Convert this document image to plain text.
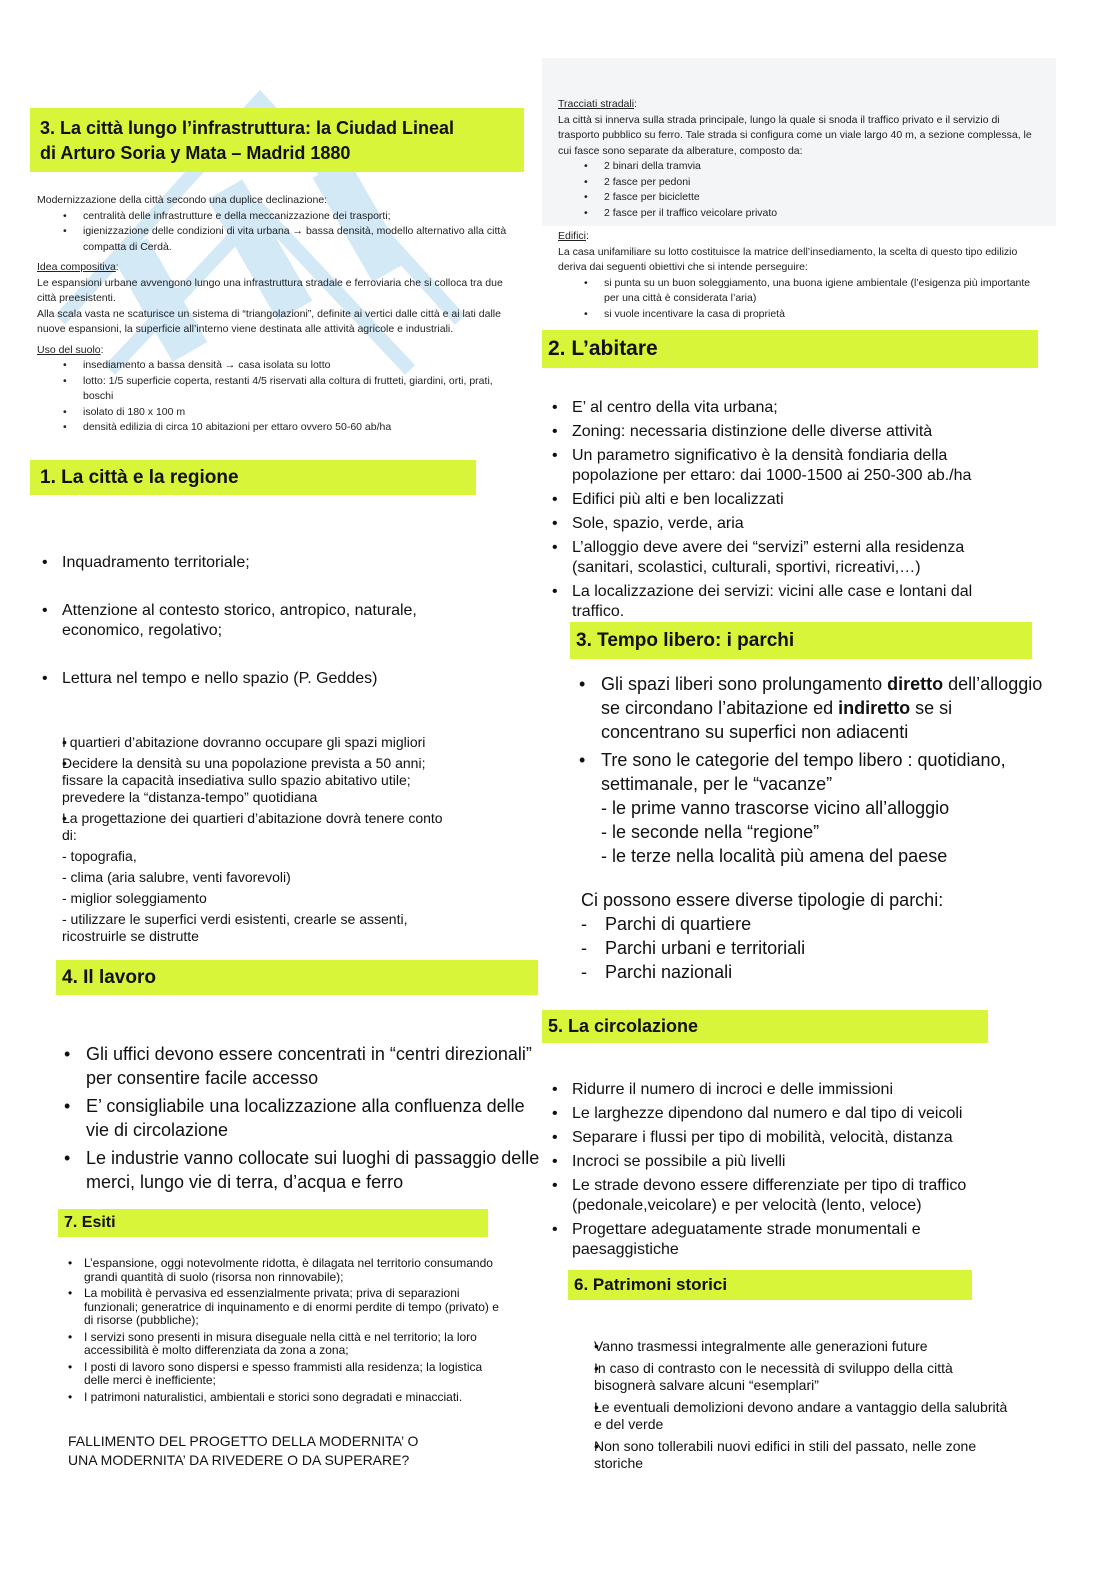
3. La città lungo l’infrastruttura: la Ciudad Lineal
di Arturo Soria y Mata – Madrid 1880
Modernizzazione della città secondo una duplice declinazione:
• centralità delle infrastrutture e della meccanizzazione dei trasporti;
• igienizzazione delle condizioni di vita urbana → bassa densità, modello alternativo alla città compatta di Cerdà.
Idea compositiva:
Le espansioni urbane avvengono lungo una infrastruttura stradale e ferroviaria che si colloca tra due città preesistenti.
Alla scala vasta ne scaturisce un sistema di “triangolazioni”, definite ai vertici dalle città e ai lati dalle nuove espansioni, la superficie all’interno viene destinata alle attività agricole e industriali.
Uso del suolo:
• insediamento a bassa densità → casa isolata su lotto
• lotto: 1/5 superficie coperta, restanti 4/5 riservati alla coltura di frutteti, giardini, orti, prati, boschi
• isolato di 180 x 100 m
• densità edilizia di circa 10 abitazioni per ettaro ovvero 50-60 ab/ha
1. La città e la regione
• Inquadramento territoriale;
• Attenzione al contesto storico, antropico, naturale, economico, regolativo;
• Lettura nel tempo e nello spazio (P. Geddes)
• I quartieri d’abitazione dovranno occupare gli spazi migliori
• Decidere la densità su una popolazione prevista a 50 anni; fissare la capacità insediativa sullo spazio abitativo utile; prevedere la “distanza-tempo” quotidiana
• La progettazione dei quartieri d’abitazione dovrà tenere conto di:
- topografia,
- clima (aria salubre, venti favorevoli)
- miglior soleggiamento
- utilizzare le superfici verdi esistenti, crearle se assenti, ricostruirle se distrutte
4. Il lavoro
• Gli uffici devono essere concentrati in “centri direzionali” per consentire facile accesso
• E’ consigliabile una localizzazione alla confluenza delle vie di circolazione
• Le industrie vanno collocate sui luoghi di passaggio delle merci, lungo vie di terra, d’acqua e ferro
7. Esiti
• L’espansione, oggi notevolmente ridotta, è dilagata nel territorio consumando grandi quantità di suolo (risorsa non rinnovabile);
• La mobilità è pervasiva ed essenzialmente privata; priva di separazioni funzionali; generatrice di inquinamento e di enormi perdite di tempo (privato) e di risorse (pubbliche);
• I servizi sono presenti in misura diseguale nella città e nel territorio; la loro accessibilità è molto differenziata da zona a zona;
• I posti di lavoro sono dispersi e spesso frammisti alla residenza; la logistica delle merci è inefficiente;
• I patrimoni naturalistici, ambientali e storici sono degradati e minacciati.
FALLIMENTO DEL PROGETTO DELLA MODERNITA’ O
UNA MODERNITA’ DA RIVEDERE O DA SUPERARE?
Tracciati stradali:
La città si innerva sulla strada principale, lungo la quale si snoda il traffico privato e il servizio di trasporto pubblico su ferro. Tale strada si configura come un viale largo 40 m, a sezione complessa, le cui fasce sono separate da alberature, composto da:
• 2 binari della tramvia
• 2 fasce per pedoni
• 2 fasce per biciclette
• 2 fasce per il traffico veicolare privato
Edifici:
La casa unifamiliare su lotto costituisce la matrice dell’insediamento, la scelta di questo tipo edilizio deriva dai seguenti obiettivi che si intende perseguire:
• si punta su un buon soleggiamento, una buona igiene ambientale (l’esigenza più importante per una città è considerata l’aria)
• si vuole incentivare la casa di proprietà
2. L’abitare
• E’ al centro della vita urbana;
• Zoning: necessaria distinzione delle diverse attività
• Un parametro significativo è la densità fondiaria della popolazione per ettaro: dai 1000-1500 ai 250-300 ab./ha
• Edifici più alti e ben localizzati
• Sole, spazio, verde, aria
• L’alloggio deve avere dei “servizi” esterni alla residenza (sanitari, scolastici, culturali, sportivi, ricreativi,…)
• La localizzazione dei servizi: vicini alle case e lontani dal traffico.
3. Tempo libero: i parchi
• Gli spazi liberi sono prolungamento diretto dell’alloggio se circondano l’abitazione ed indiretto se si concentrano su superfici non adiacenti
• Tre sono le categorie del tempo libero : quotidiano, settimanale, per le “vacanze”
- le prime vanno trascorse vicino all’alloggio
- le seconde nella “regione”
- le terze nella località più amena del paese
Ci possono essere diverse tipologie di parchi:
- Parchi di quartiere
- Parchi urbani e territoriali
- Parchi nazionali
5. La circolazione
• Ridurre il numero di incroci e delle immissioni
• Le larghezze dipendono dal numero e dal tipo di veicoli
• Separare i flussi per tipo di mobilità, velocità, distanza
• Incroci se possibile a più livelli
• Le strade devono essere differenziate per tipo di traffico (pedonale,veicolare) e per velocità (lento, veloce)
• Progettare adeguatamente strade monumentali e paesaggistiche
6. Patrimoni storici
• Vanno trasmessi integralmente alle generazioni future
• In caso di contrasto con le necessità di sviluppo della città bisognerà salvare alcuni “esemplari”
• Le eventuali demolizioni devono andare a vantaggio della salubrità e del verde
• Non sono tollerabili nuovi edifici in stili del passato, nelle zone storiche
